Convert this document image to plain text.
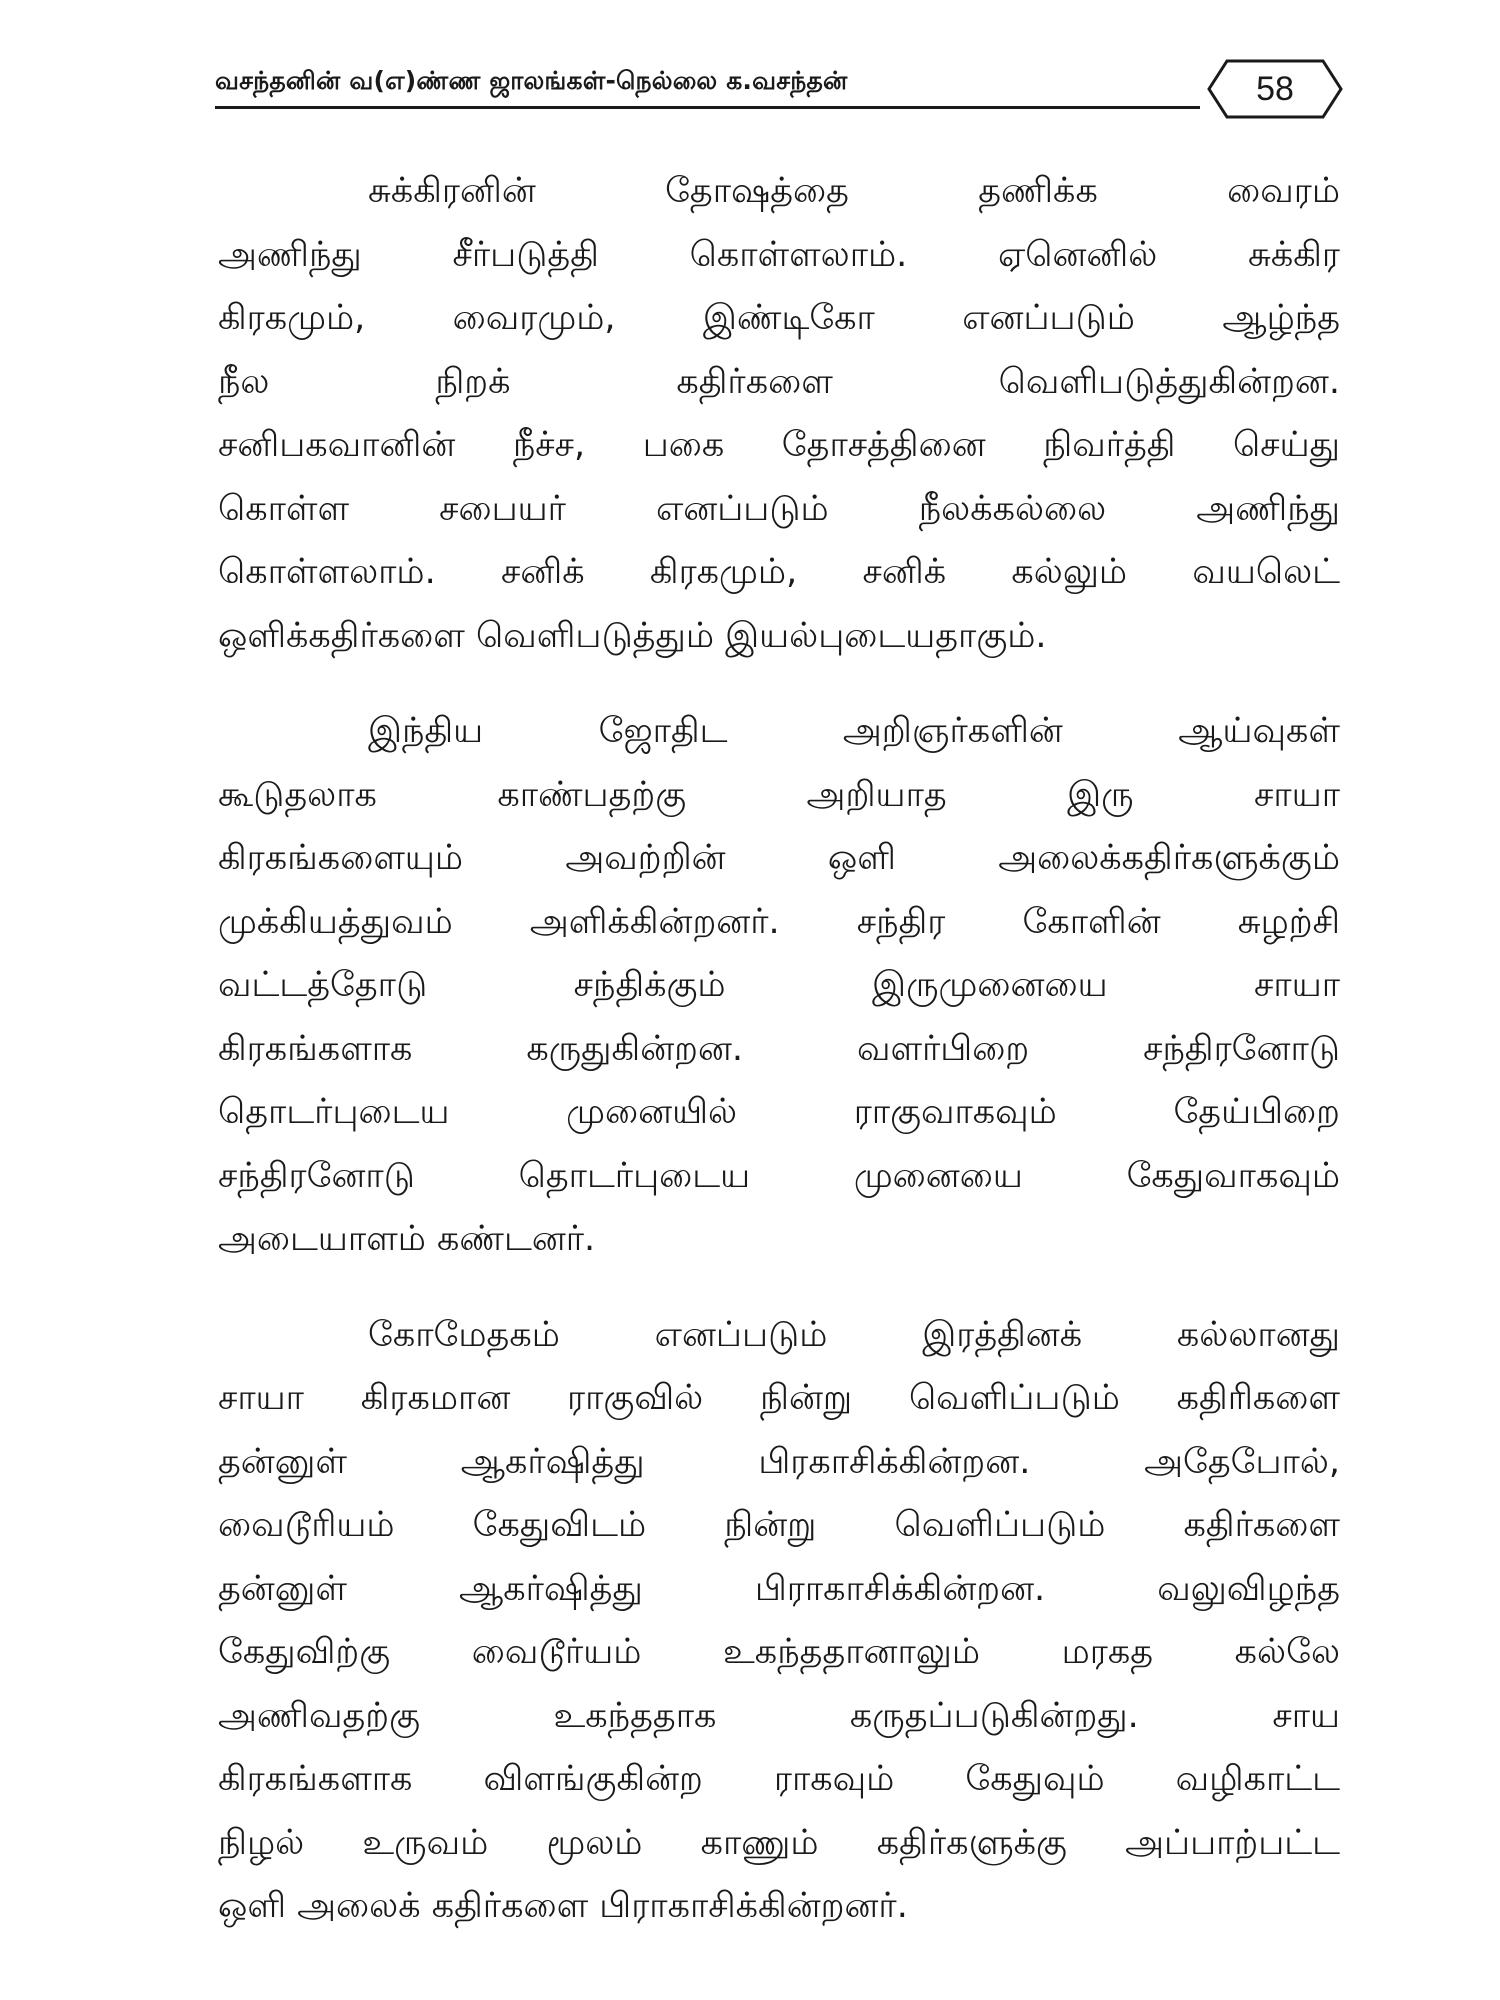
வசந்தனின் வ(எ)ண்ண ஜாலங்கள்-நெல்லை க.வசந்தன்	58
சுக்கிரனின் தோஷத்தை தணிக்க வைரம்
அணிந்து சீர்படுத்தி கொள்ளலாம். ஏனெனில் சுக்கிர
கிரகமும், வைரமும், இண்டிகோ எனப்படும் ஆழ்ந்த
நீல நிறக் கதிர்களை வெளிபடுத்துகின்றன.
சனிபகவானின் நீச்ச, பகை தோசத்தினை நிவர்த்தி செய்து
கொள்ள சபையர் எனப்படும் நீலக்கல்லை அணிந்து
கொள்ளலாம். சனிக் கிரகமும், சனிக் கல்லும் வயலெட்
ஒளிக்கதிர்களை வெளிபடுத்தும் இயல்புடையதாகும்.
இந்திய ஜோதிட அறிஞர்களின் ஆய்வுகள்
கூடுதலாக காண்பதற்கு அறியாத இரு சாயா
கிரகங்களையும் அவற்றின் ஒளி அலைக்கதிர்களுக்கும்
முக்கியத்துவம் அளிக்கின்றனர். சந்திர கோளின் சுழற்சி
வட்டத்தோடு சந்திக்கும் இருமுனையை சாயா
கிரகங்களாக கருதுகின்றன. வளர்பிறை சந்திரனோடு
தொடர்புடைய முனையில் ராகுவாகவும் தேய்பிறை
சந்திரனோடு தொடர்புடைய முனையை கேதுவாகவும்
அடையாளம் கண்டனர்.
கோமேதகம் எனப்படும் இரத்தினக் கல்லானது
சாயா கிரகமான ராகுவில் நின்று வெளிப்படும் கதிரிகளை
தன்னுள் ஆகர்ஷித்து பிரகாசிக்கின்றன. அதேபோல்,
வைடூரியம் கேதுவிடம் நின்று வெளிப்படும் கதிர்களை
தன்னுள் ஆகர்ஷித்து பிராகாசிக்கின்றன. வலுவிழந்த
கேதுவிற்கு வைடூர்யம் உகந்ததானாலும் மரகத கல்லே
அணிவதற்கு உகந்ததாக கருதப்படுகின்றது. சாய
கிரகங்களாக விளங்குகின்ற ராகவும் கேதுவும் வழிகாட்ட
நிழல் உருவம் மூலம் காணும் கதிர்களுக்கு அப்பாற்பட்ட
ஒளி அலைக் கதிர்களை பிராகாசிக்கின்றனர்.
